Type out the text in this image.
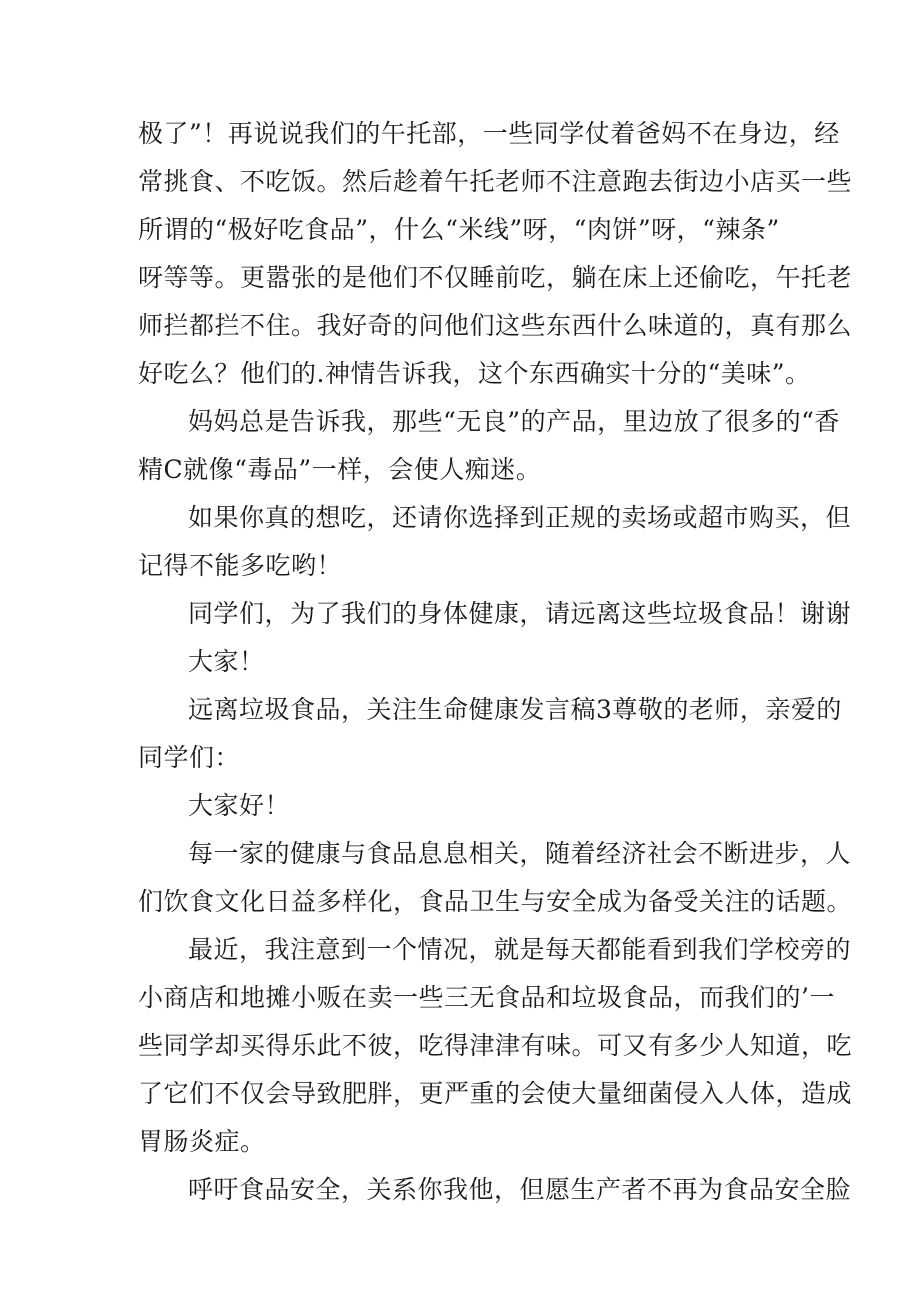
极了”！再说说我们的午托部，一些同学仗着爸妈不在身边，经
常挑食、不吃饭。然后趁着午托老师不注意跑去街边小店买一些
所谓的“极好吃食品”，什么“米线”呀，“肉饼”呀，“辣条”
呀等等。更嚣张的是他们不仅睡前吃，躺在床上还偷吃，午托老
师拦都拦不住。我好奇的问他们这些东西什么味道的，真有那么
好吃么？他们的.神情告诉我，这个东西确实十分的“美味”。
妈妈总是告诉我，那些“无良”的产品，里边放了很多的“香
精C就像“毒品”一样，会使人痴迷。
如果你真的想吃，还请你选择到正规的卖场或超市购买，但
记得不能多吃哟！
同学们，为了我们的身体健康，请远离这些垃圾食品！谢谢
大家！
远离垃圾食品，关注生命健康发言稿3尊敬的老师，亲爱的
同学们：
大家好！
每一家的健康与食品息息相关，随着经济社会不断进步，人
们饮食文化日益多样化，食品卫生与安全成为备受关注的话题。
最近，我注意到一个情况，就是每天都能看到我们学校旁的
小商店和地摊小贩在卖一些三无食品和垃圾食品，而我们的’一
些同学却买得乐此不彼，吃得津津有味。可又有多少人知道，吃
了它们不仅会导致肥胖，更严重的会使大量细菌侵入人体，造成
胃肠炎症。
呼吁食品安全，关系你我他，但愿生产者不再为食品安全脸
